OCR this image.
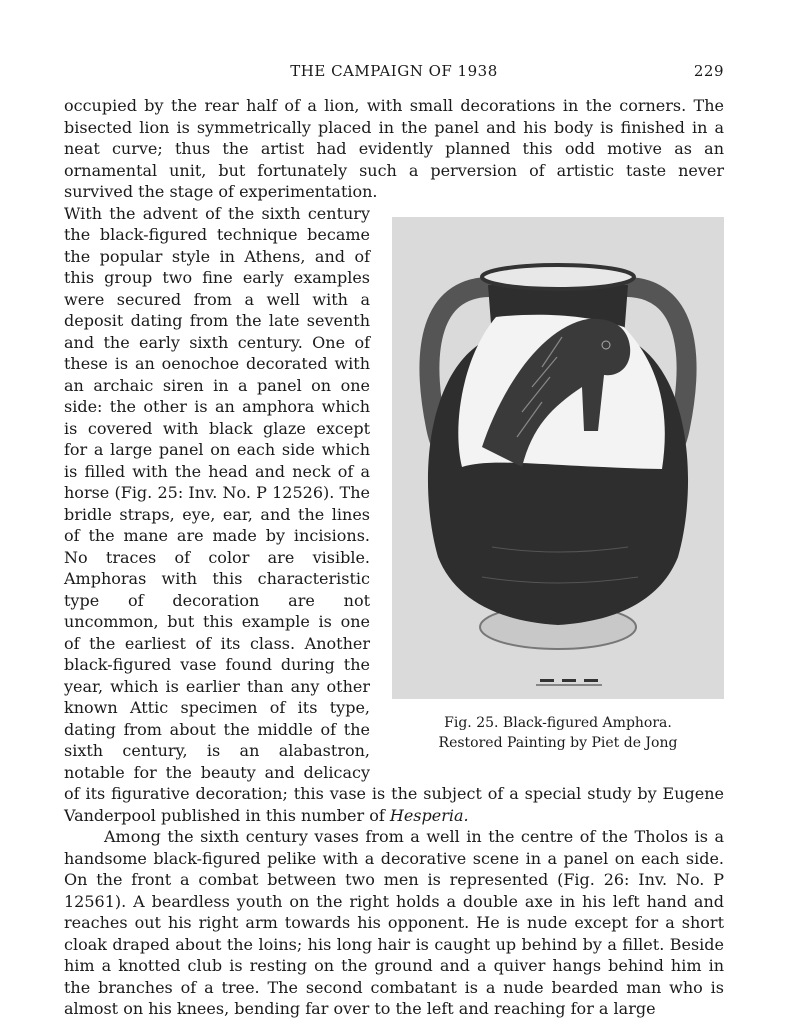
THE CAMPAIGN OF 1938	229

occupied by the rear half of a lion, with small decorations in the corners. The bisected lion is symmetrically placed in the panel and his body is finished in a neat curve; thus the artist had evidently planned this odd motive as an ornamental unit, but fortunately such a perversion of artistic taste never survived the stage of experimentation.

Fig. 25. Black-figured Amphora.
Restored Painting by Piet de Jong

With the advent of the sixth century the black-figured technique became the popular style in Athens, and of this group two fine early examples were secured from a well with a deposit dating from the late seventh and the early sixth century. One of these is an oenochoe decorated with an archaic siren in a panel on one side: the other is an amphora which is covered with black glaze except for a large panel on each side which is filled with the head and neck of a horse (Fig. 25: Inv. No. P 12526). The bridle straps, eye, ear, and the lines of the mane are made by incisions. No traces of color are visible. Amphoras with this characteristic type of decoration are not uncommon, but this example is one of the earliest of its class. Another black-figured vase found during the year, which is earlier than any other known Attic specimen of its type, dating from about the middle of the sixth century, is an alabastron, notable for the beauty and delicacy of its figurative decoration; this vase is the subject of a special study by Eugene Vanderpool published in this number of Hesperia.

Among the sixth century vases from a well in the centre of the Tholos is a handsome black-figured pelike with a decorative scene in a panel on each side. On the front a combat between two men is represented (Fig. 26: Inv. No. P 12561). A beardless youth on the right holds a double axe in his left hand and reaches out his right arm towards his opponent. He is nude except for a short cloak draped about the loins; his long hair is caught up behind by a fillet. Beside him a knotted club is resting on the ground and a quiver hangs behind him in the branches of a tree. The second combatant is a nude bearded man who is almost on his knees, bending far over to the left and reaching for a large
